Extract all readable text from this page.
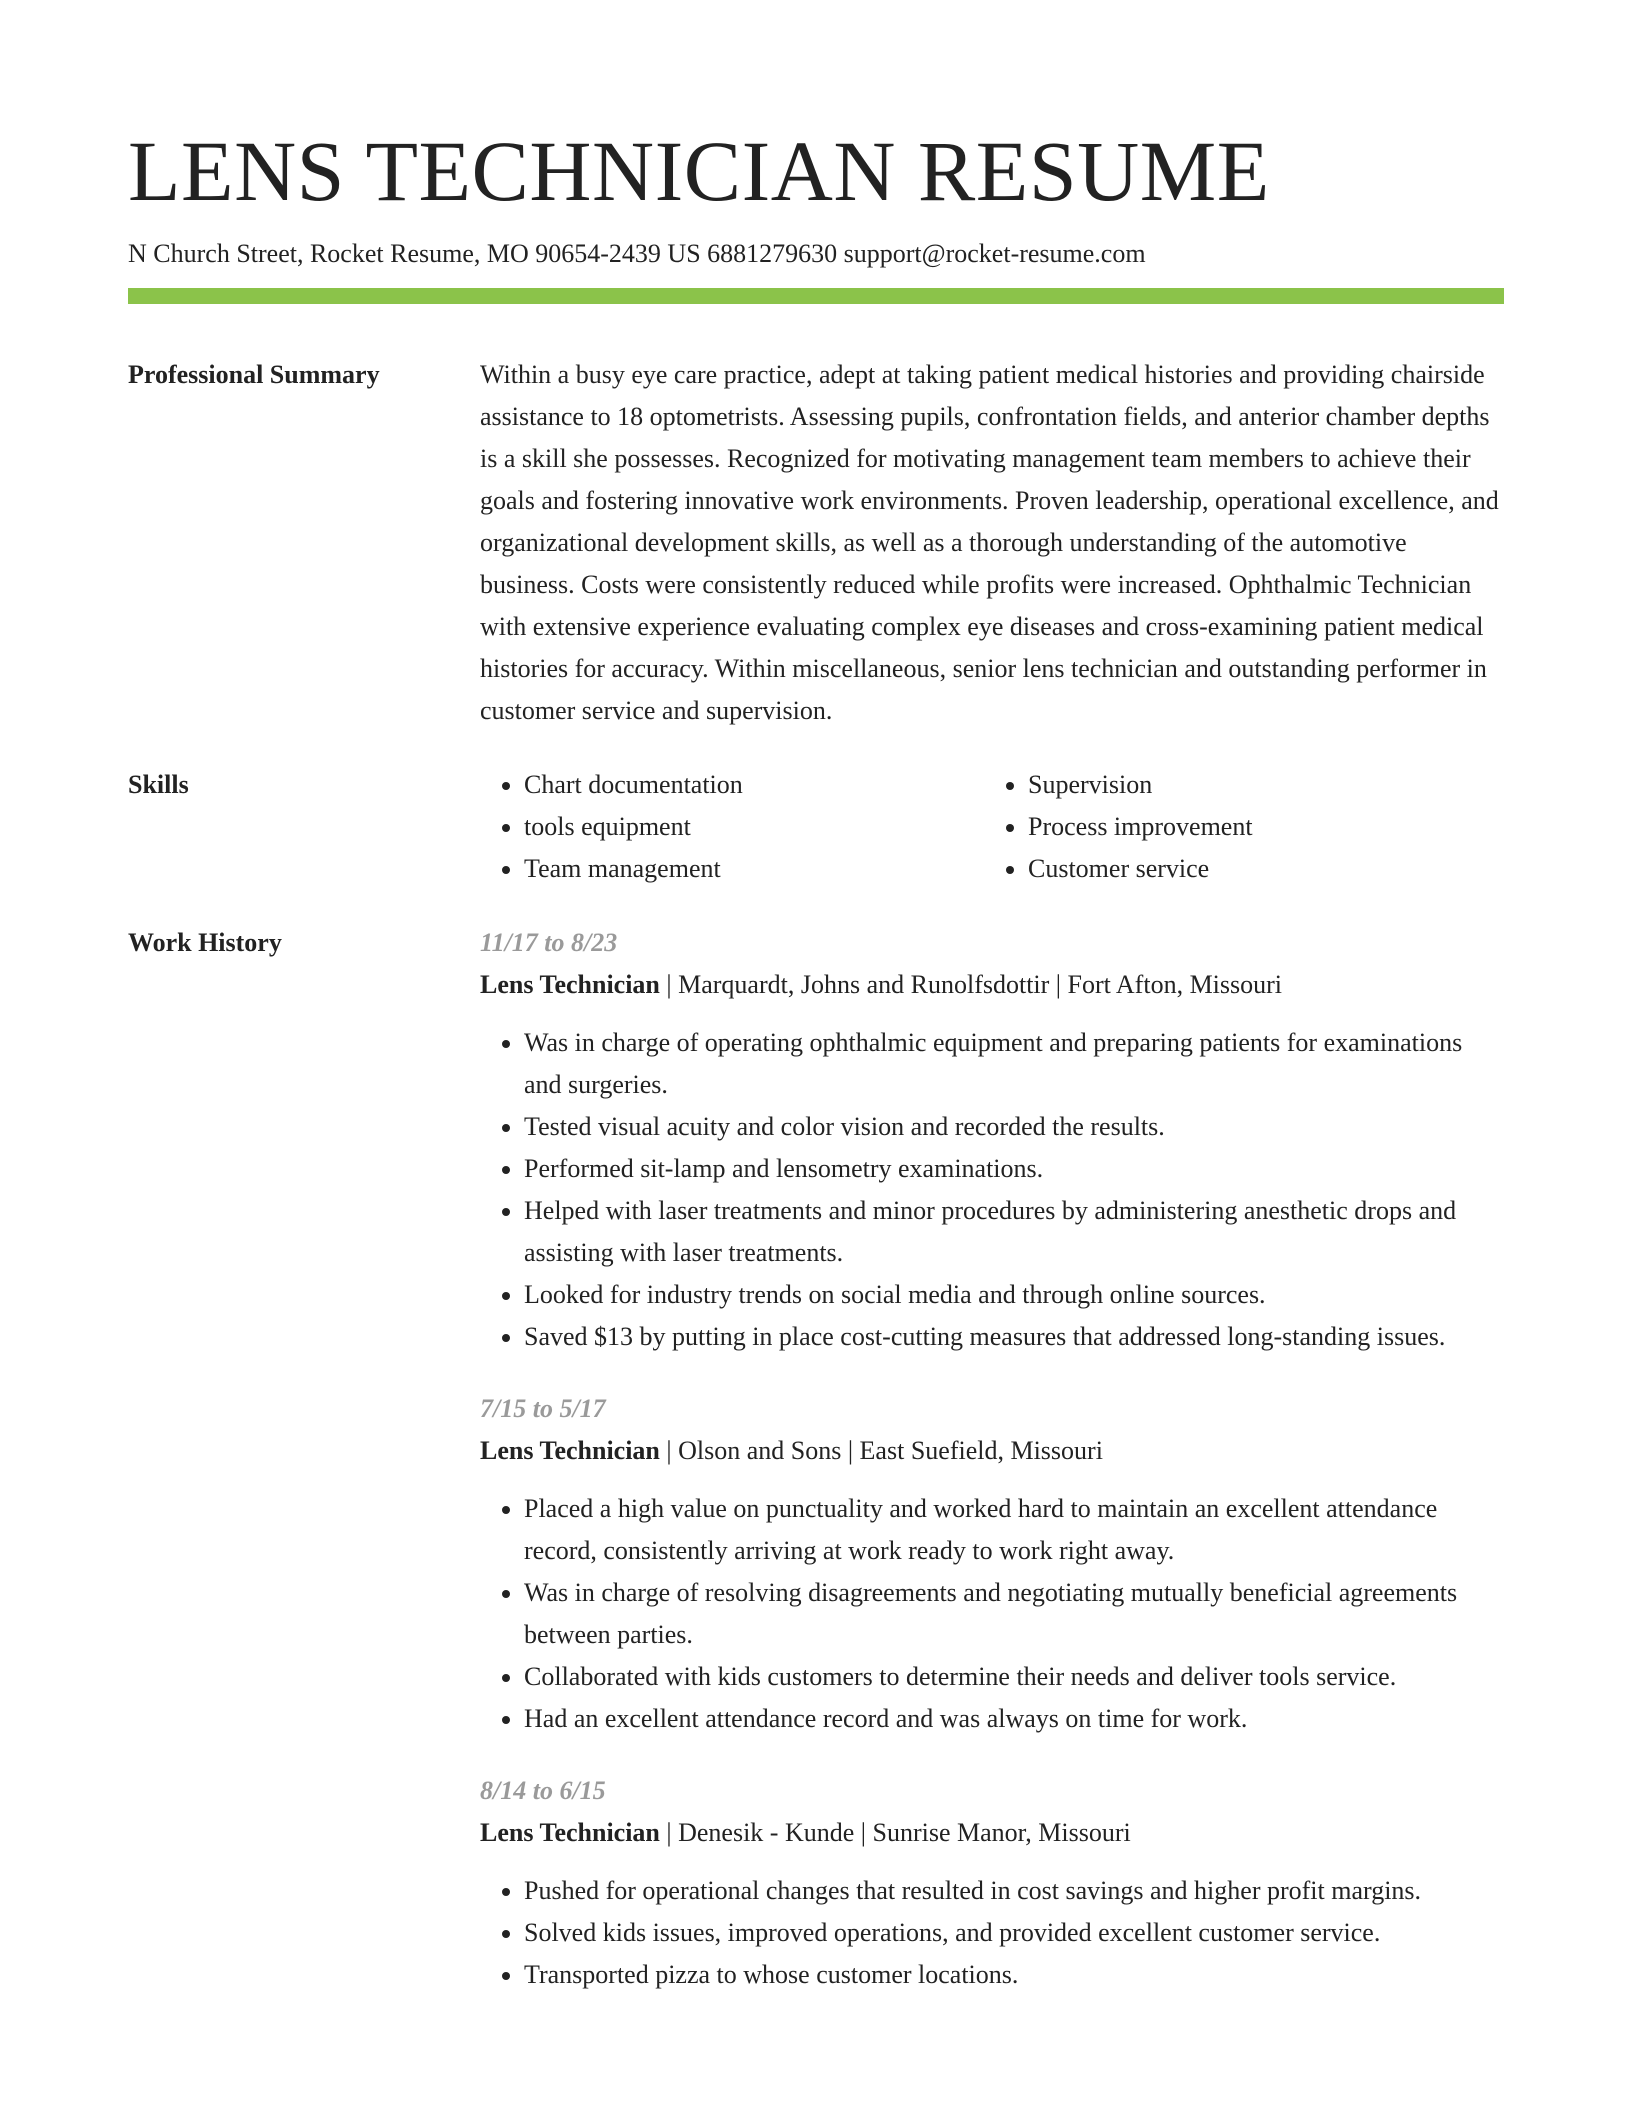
LENS TECHNICIAN RESUME
N Church Street, Rocket Resume, MO 90654-2439 US 6881279630 support@rocket-resume.com
Professional Summary	Within a busy eye care practice, adept at taking patient medical histories and providing chairside assistance to 18 optometrists. Assessing pupils, confrontation fields, and anterior chamber depths is a skill she possesses. Recognized for motivating management team members to achieve their goals and fostering innovative work environments. Proven leadership, operational excellence, and organizational development skills, as well as a thorough understanding of the automotive business. Costs were consistently reduced while profits were increased. Ophthalmic Technician with extensive experience evaluating complex eye diseases and cross-examining patient medical histories for accuracy. Within miscellaneous, senior lens technician and outstanding performer in customer service and supervision.

Skills	• Chart documentation	• Supervision
• tools equipment	• Process improvement
• Team management	• Customer service
Work History	11/17 to 8/23
Lens Technician | Marquardt, Johns and Runolfsdottir | Fort Afton, Missouri
• Was in charge of operating ophthalmic equipment and preparing patients for examinations and surgeries.
• Tested visual acuity and color vision and recorded the results.
• Performed sit-lamp and lensometry examinations.
• Helped with laser treatments and minor procedures by administering anesthetic drops and assisting with laser treatments.
• Looked for industry trends on social media and through online sources.
• Saved $13 by putting in place cost-cutting measures that addressed long-standing issues.
7/15 to 5/17
Lens Technician | Olson and Sons | East Suefield, Missouri
• Placed a high value on punctuality and worked hard to maintain an excellent attendance record, consistently arriving at work ready to work right away.
• Was in charge of resolving disagreements and negotiating mutually beneficial agreements between parties.
• Collaborated with kids customers to determine their needs and deliver tools service.
• Had an excellent attendance record and was always on time for work.
8/14 to 6/15
Lens Technician | Denesik - Kunde | Sunrise Manor, Missouri
• Pushed for operational changes that resulted in cost savings and higher profit margins.
• Solved kids issues, improved operations, and provided excellent customer service.
• Transported pizza to whose customer locations.
